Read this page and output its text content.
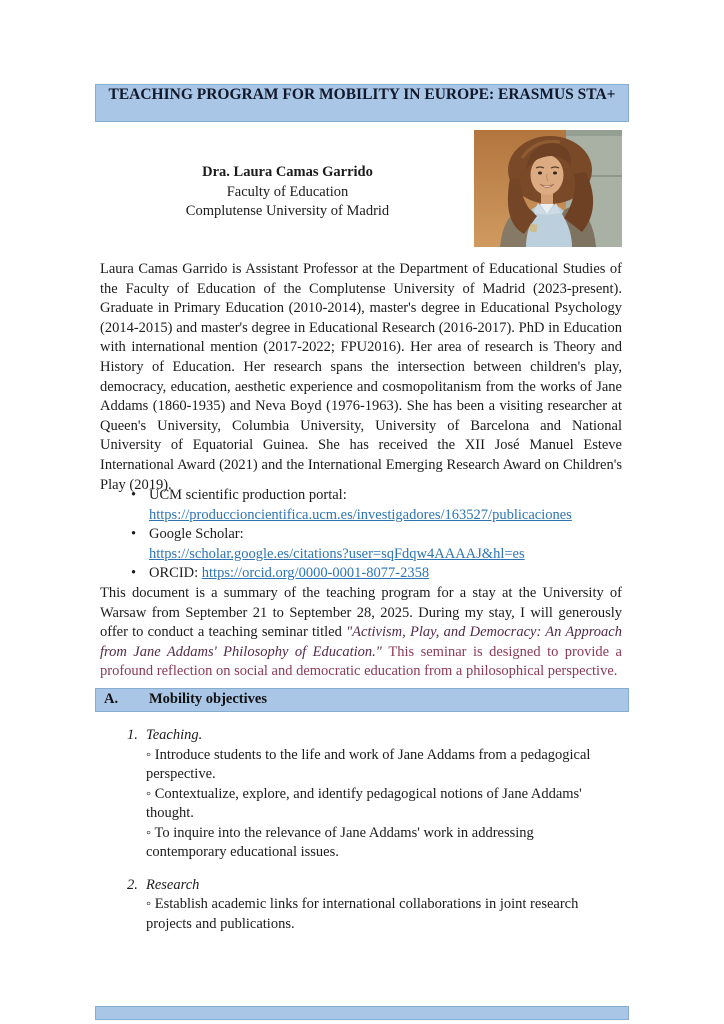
TEACHING PROGRAM FOR MOBILITY IN EUROPE: ERASMUS STA+
Dra. Laura Camas Garrido
Faculty of Education
Complutense University of Madrid

Laura Camas Garrido is Assistant Professor at the Department of Educational Studies of the Faculty of Education of the Complutense University of Madrid (2023-present). Graduate in Primary Education (2010-2014), master's degree in Educational Psychology (2014-2015) and master's degree in Educational Research (2016-2017). PhD in Education with international mention (2017-2022; FPU2016). Her area of research is Theory and History of Education. Her research spans the intersection between children's play, democracy, education, aesthetic experience and cosmopolitanism from the works of Jane Addams (1860-1935) and Neva Boyd (1976-1963). She has been a visiting researcher at Queen's University, Columbia University, University of Barcelona and National University of Equatorial Guinea. She has received the XII José Manuel Esteve International Award (2021) and the International Emerging Research Award on Children's Play (2019).

• UCM scientific production portal:
https://produccioncientifica.ucm.es/investigadores/163527/publicaciones
• Google Scholar:
https://scholar.google.es/citations?user=sqFdqw4AAAAJ&hl=es
• ORCID: https://orcid.org/0000-0001-8077-2358

This document is a summary of the teaching program for a stay at the University of Warsaw from September 21 to September 28, 2025. During my stay, I will generously offer to conduct a teaching seminar titled "Activism, Play, and Democracy: An Approach from Jane Addams' Philosophy of Education." This seminar is designed to provide a profound reflection on social and democratic education from a philosophical perspective.

A. Mobility objectives
1. Teaching.
◦ Introduce students to the life and work of Jane Addams from a pedagogical perspective.
◦ Contextualize, explore, and identify pedagogical notions of Jane Addams' thought.
◦ To inquire into the relevance of Jane Addams' work in addressing contemporary educational issues.
2. Research
◦ Establish academic links for international collaborations in joint research projects and publications.
